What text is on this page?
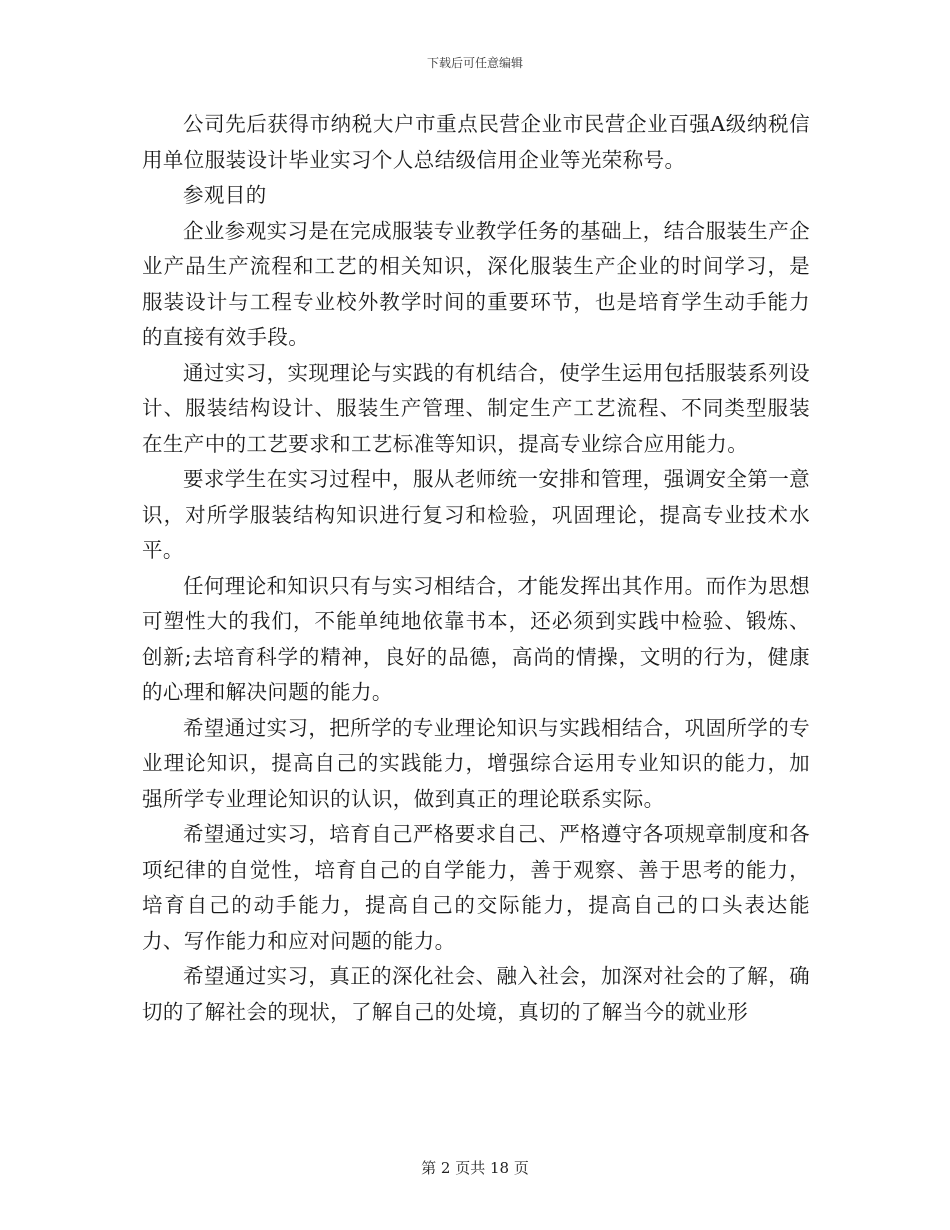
下载后可任意编辑

公司先后获得市纳税大户市重点民营企业市民营企业百强A级纳税信用单位服装设计毕业实习个人总结级信用企业等光荣称号。

参观目的

企业参观实习是在完成服装专业教学任务的基础上，结合服装生产企业产品生产流程和工艺的相关知识，深化服装生产企业的时间学习，是服装设计与工程专业校外教学时间的重要环节，也是培育学生动手能力的直接有效手段。

通过实习，实现理论与实践的有机结合，使学生运用包括服装系列设计、服装结构设计、服装生产管理、制定生产工艺流程、不同类型服装在生产中的工艺要求和工艺标准等知识，提高专业综合应用能力。

要求学生在实习过程中，服从老师统一安排和管理，强调安全第一意识，对所学服装结构知识进行复习和检验，巩固理论，提高专业技术水平。

任何理论和知识只有与实习相结合，才能发挥出其作用。而作为思想可塑性大的我们，不能单纯地依靠书本，还必须到实践中检验、锻炼、创新;去培育科学的精神，良好的品德，高尚的情操，文明的行为，健康的心理和解决问题的能力。

希望通过实习，把所学的专业理论知识与实践相结合，巩固所学的专业理论知识，提高自己的实践能力，增强综合运用专业知识的能力，加强所学专业理论知识的认识，做到真正的理论联系实际。

希望通过实习，培育自己严格要求自己、严格遵守各项规章制度和各项纪律的自觉性，培育自己的自学能力，善于观察、善于思考的能力，培育自己的动手能力，提高自己的交际能力，提高自己的口头表达能力、写作能力和应对问题的能力。

希望通过实习，真正的深化社会、融入社会，加深对社会的了解，确切的了解社会的现状，了解自己的处境，真切的了解当今的就业形

第 2 页共 18 页
